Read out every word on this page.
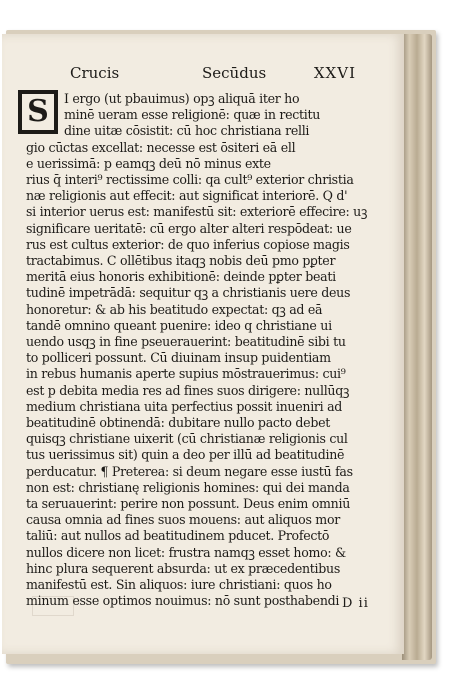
Crucis	Secūdus	XXVI
S	I ergo (ut pbauimus) opꝫ aliquā iter ho
minē ueram esse religionē: quæ in rectitu
dine uitæ cōsistit: cū hoc christiana relli
gio cūctas excellat: necesse est ōsiteri eā ell
e uerissimā: p eamqꝫ deū nō minus exte
rius q̄ interi⁹ rectissime colli: qa cult⁹ exterior christia
næ religionis aut effecit: aut significat interiorē. Q d'
si interior uerus est: manifestū sit: exteriorē effecire: uꝫ
significare ueritatē: cū ergo alter alteri respōdeat: ue
rus est cultus exterior: de quo inferius copiose magis
tractabimus. C ollētibus itaqꝫ nobis deū pmo pꝑter
meritā eius honoris exhibitionē: deinde pꝑter beati
tudinē impetrādā: sequitur qꝫ a christianis uere deus
honoretur: & ab his beatitudo expectat: qꝫ ad eā
tandē omnino queant puenire: ideo q christiane ui
uendo usqꝫ in fine pseuerauerint: beatitudinē sibi tu
to polliceri possunt. Cū diuinam insup puidentiam
in rebus humanis aperte supius mōstrauerimus: cui⁹
est p debita media res ad fines suos dirigere: nullūqꝫ
medium christiana uita perfectius possit inueniri ad
beatitudinē obtinendā: dubitare nullo pacto debet
quisqꝫ christiane uixerit (cū christianæ religionis cul
tus uerissimus sit) quin a deo per illū ad beatitudinē
perducatur. ¶ Preterea: si deum negare esse iustū fas
non est: christianę religionis homines: qui dei manda
ta seruauerint: perire non possunt. Deus enim omniū
causa omnia ad fines suos mouens: aut aliquos mor
taliū: aut nullos ad beatitudinem pducet. Profectō
nullos dicere non licet: frustra namqꝫ esset homo: &
hinc plura sequerent absurda: ut ex præcedentibus
manifestū est. Sin aliquos: iure christiani: quos ho
minum esse optimos nouimus: nō sunt posthabendi D ii
